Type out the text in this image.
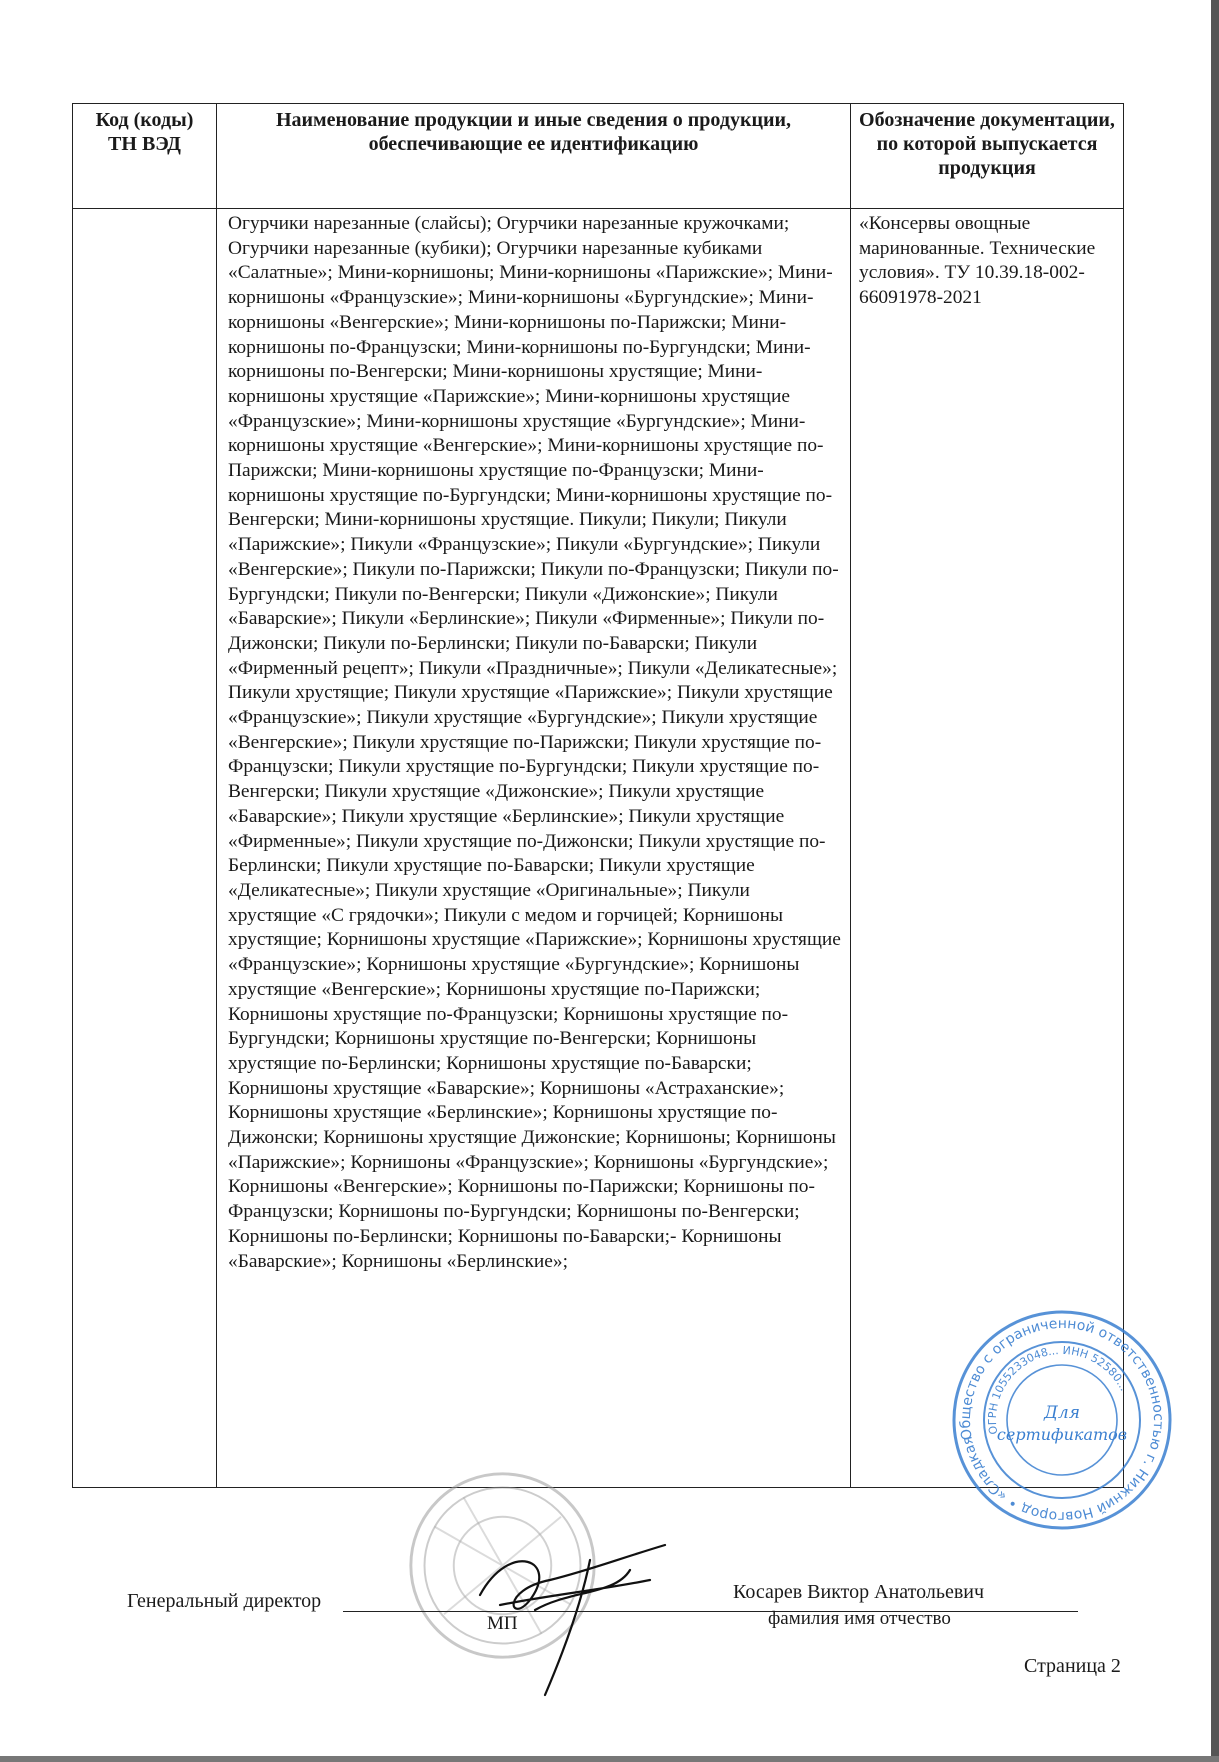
Код (коды) ТН ВЭД	Наименование продукции и иные сведения о продукции, обеспечивающие ее идентификацию	Обозначение документации, по которой выпускается продукция
	Огурчики нарезанные (слайсы); Огурчики нарезанные кружочками; Огурчики нарезанные (кубики); Огурчики нарезанные кубиками «Салатные»; Мини-корнишоны; Мини-корнишоны «Парижские»; Мини-корнишоны «Французские»; Мини-корнишоны «Бургундские»; Мини-корнишоны «Венгерские»; Мини-корнишоны по-Парижски; Мини-корнишоны по-Французски; Мини-корнишоны по-Бургундски; Мини-корнишоны по-Венгерски; Мини-корнишоны хрустящие; Мини-корнишоны хрустящие «Парижские»; Мини-корнишоны хрустящие «Французские»; Мини-корнишоны хрустящие «Бургундские»; Мини-корнишоны хрустящие «Венгерские»; Мини-корнишоны хрустящие по-Парижски; Мини-корнишоны хрустящие по-Французски; Мини-корнишоны хрустящие по-Бургундски; Мини-корнишоны хрустящие по-Венгерски; Мини-корнишоны хрустящие. Пикули; Пикули; Пикули «Парижские»; Пикули «Французские»; Пикули «Бургундские»; Пикули «Венгерские»; Пикули по-Парижски; Пикули по-Французски; Пикули по-Бургундски; Пикули по-Венгерски; Пикули «Дижонские»; Пикули «Баварские»; Пикули «Берлинские»; Пикули «Фирменные»; Пикули по-Дижонски; Пикули по-Берлински; Пикули по-Баварски; Пикули «Фирменный рецепт»; Пикули «Праздничные»; Пикули «Деликатесные»; Пикули хрустящие; Пикули хрустящие «Парижские»; Пикули хрустящие «Французские»; Пикули хрустящие «Бургундские»; Пикули хрустящие «Венгерские»; Пикули хрустящие по-Парижски; Пикули хрустящие по-Французски; Пикули хрустящие по-Бургундски; Пикули хрустящие по-Венгерски; Пикули хрустящие «Дижонские»; Пикули хрустящие «Баварские»; Пикули хрустящие «Берлинские»; Пикули хрустящие «Фирменные»; Пикули хрустящие по-Дижонски; Пикули хрустящие по-Берлински; Пикули хрустящие по-Баварски; Пикули хрустящие «Деликатесные»; Пикули хрустящие «Оригинальные»; Пикули хрустящие «С грядочки»; Пикули с медом и горчицей; Корнишоны хрустящие; Корнишоны хрустящие «Парижские»; Корнишоны хрустящие «Французские»; Корнишоны хрустящие «Бургундские»; Корнишоны хрустящие «Венгерские»; Корнишоны хрустящие по-Парижски; Корнишоны хрустящие по-Французски; Корнишоны хрустящие по-Бургундски; Корнишоны хрустящие по-Венгерски; Корнишоны хрустящие по-Берлински; Корнишоны хрустящие по-Баварски; Корнишоны хрустящие «Баварские»; Корнишоны «Астраханские»; Корнишоны хрустящие «Берлинские»; Корнишоны хрустящие по-Дижонски; Корнишоны хрустящие Дижонские; Корнишоны; Корнишоны «Парижские»; Корнишоны «Французские»; Корнишоны «Бургундские»; Корнишоны «Венгерские»; Корнишоны по-Парижски; Корнишоны по-Французски; Корнишоны по-Бургундски; Корнишоны по-Венгерски; Корнишоны по-Берлински; Корнишоны по-Баварски;- Корнишоны «Баварские»; Корнишоны «Берлинские»;	«Консервы овощные маринованные. Технические условия». ТУ 10.39.18-002-66091978-2021
Генеральный директор	Косарев Виктор Анатольевич
МП	фамилия имя отчество
Страница 2
Общество с ограниченной ответственностью г. Нижний Новгород • «Сладкая
ОГРН 1055233048... ИНН 52580...
Для
сертификатов
